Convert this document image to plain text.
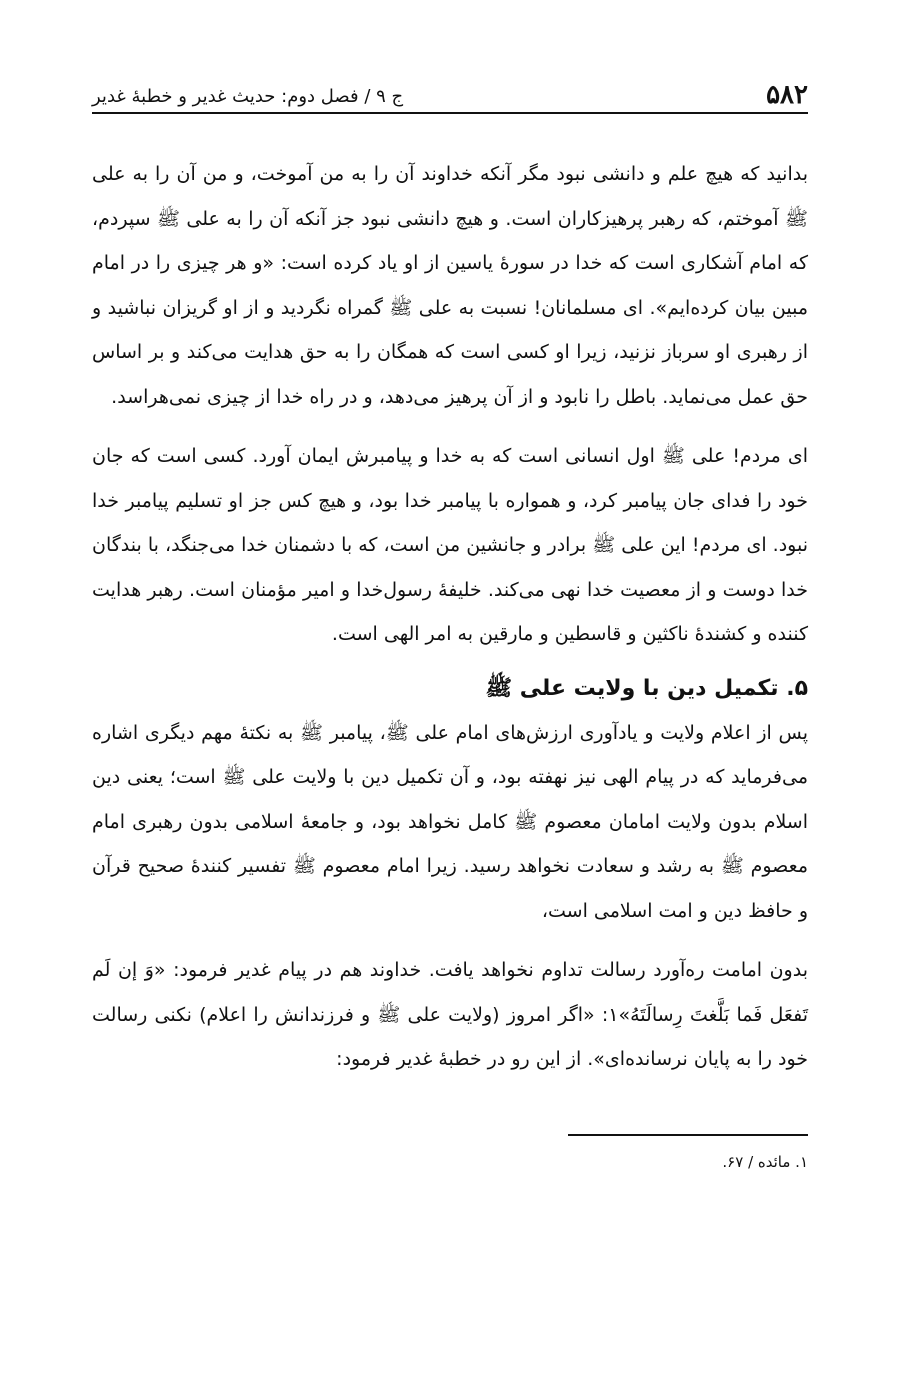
۵۸۲
ج ۹ / فصل دوم: حدیث غدیر و خطبۀ غدیر

بدانید که هیچ علم و دانشی نبود مگر آنکه خداوند آن را به من آموخت، و من آن را به علی ﷺ آموختم، که رهبر پرهیزکاران است. و هیچ دانشی نبود جز آنکه آن را به علی ﷺ سپردم، که امام آشکاری است که خدا در سورۀ یاسین از او یاد کرده است: «و هر چیزی را در امام مبین بیان کرده‌ایم». ای مسلمانان! نسبت به علی ﷺ گمراه نگردید و از او گریزان نباشید و از رهبری او سرباز نزنید، زیرا او کسی است که همگان را به حق هدایت می‌کند و بر اساس حق عمل می‌نماید. باطل را نابود و از آن پرهیز می‌دهد، و در راه خدا از چیزی نمی‌هراسد.

ای مردم! علی ﷺ اول انسانی است که به خدا و پیامبرش ایمان آورد. کسی است که جان خود را فدای جان پیامبر کرد، و همواره با پیامبر خدا بود، و هیچ کس جز او تسلیم پیامبر خدا نبود. ای مردم! این علی ﷺ برادر و جانشین من است، که با دشمنان خدا می‌جنگد، با بندگان خدا دوست و از معصیت خدا نهی می‌کند. خلیفۀ رسول‌خدا و امیر مؤمنان است. رهبر هدایت کننده و کشندۀ ناکثین و قاسطین و مارقین به امر الهی است.

۵. تکمیل دین با ولایت علی ﷺ

پس از اعلام ولایت و یادآوری ارزش‌های امام علی ﷺ، پیامبر ﷺ به نکتۀ مهم دیگری اشاره می‌فرماید که در پیام الهی نیز نهفته بود، و آن تکمیل دین با ولایت علی ﷺ است؛ یعنی دین اسلام بدون ولایت امامان معصوم ﷺ کامل نخواهد بود، و جامعۀ اسلامی بدون رهبری امام معصوم ﷺ به رشد و سعادت نخواهد رسید. زیرا امام معصوم ﷺ تفسیر کنندۀ صحیح قرآن و حافظ دین و امت اسلامی است،

بدون امامت ره‌آورد رسالت تداوم نخواهد یافت. خداوند هم در پیام غدیر فرمود: «وَ إن لَم تَفعَل فَما بَلَّغتَ رِسالَتَهُ»۱: «اگر امروز (ولایت علی ﷺ و فرزندانش را اعلام) نکنی رسالت خود را به پایان نرسانده‌ای». از این رو در خطبۀ غدیر فرمود:

۱. مائده / ۶۷.
